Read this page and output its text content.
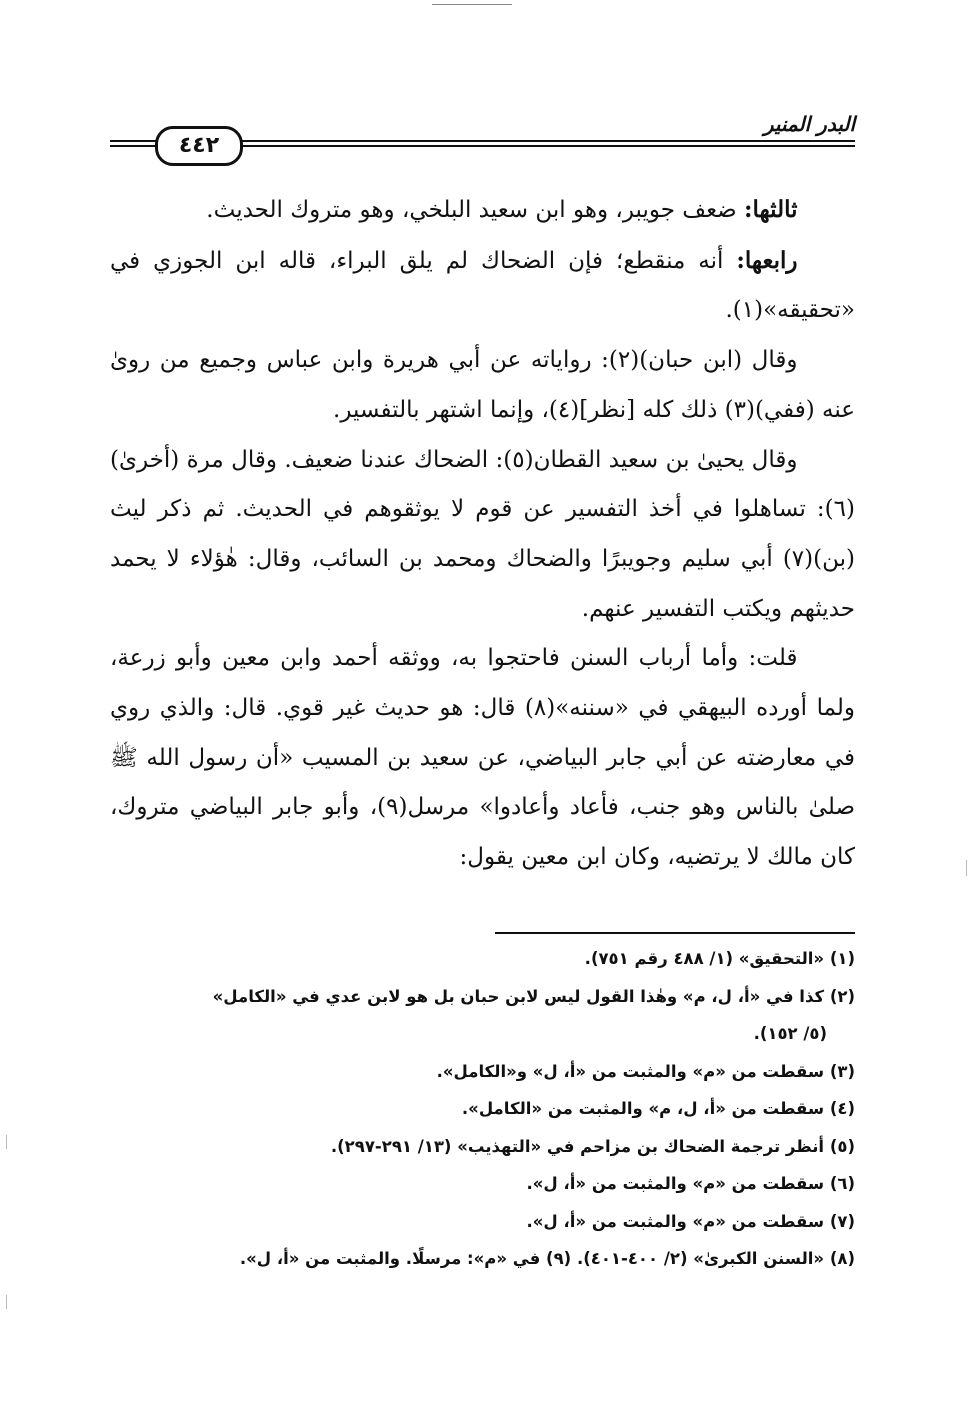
البدر المنير
٤٤٢

ثالثها: ضعف جويبر، وهو ابن سعيد البلخي، وهو متروك الحديث.

رابعها: أنه منقطع؛ فإن الضحاك لم يلق البراء، قاله ابن الجوزي في «تحقيقه»(١).

وقال (ابن حبان)(٢): رواياته عن أبي هريرة وابن عباس وجميع من روىٰ عنه (ففي)(٣) ذلك كله [نظر](٤)، وإنما اشتهر بالتفسير.

وقال يحيىٰ بن سعيد القطان(٥): الضحاك عندنا ضعيف. وقال مرة (أخرىٰ)(٦): تساهلوا في أخذ التفسير عن قوم لا يوثقوهم في الحديث. ثم ذكر ليث (بن)(٧) أبي سليم وجويبرًا والضحاك ومحمد بن السائب، وقال: هٰؤلاء لا يحمد حديثهم ويكتب التفسير عنهم.

قلت: وأما أرباب السنن فاحتجوا به، ووثقه أحمد وابن معين وأبو زرعة، ولما أورده البيهقي في «سننه»(٨) قال: هو حديث غير قوي. قال: والذي روي في معارضته عن أبي جابر البياضي، عن سعيد بن المسيب «أن رسول الله ﷺ صلىٰ بالناس وهو جنب، فأعاد وأعادوا» مرسل(٩)، وأبو جابر البياضي متروك، كان مالك لا يرتضيه، وكان ابن معين يقول:

(١) «التحقيق» (١/ ٤٨٨ رقم ٧٥١).
(٢) كذا في «أ، ل، م» وهٰذا القول ليس لابن حبان بل هو لابن عدي في «الكامل»
(٥/ ١٥٢).
(٣) سقطت من «م» والمثبت من «أ، ل» و«الكامل».
(٤) سقطت من «أ، ل، م» والمثبت من «الكامل».
(٥) أنظر ترجمة الضحاك بن مزاحم في «التهذيب» (١٣/ ٢٩١-٢٩٧).
(٦) سقطت من «م» والمثبت من «أ، ل».
(٧) سقطت من «م» والمثبت من «أ، ل».
(٨) «السنن الكبرىٰ» (٢/ ٤٠٠-٤٠١). (٩) في «م»: مرسلًا. والمثبت من «أ، ل».
